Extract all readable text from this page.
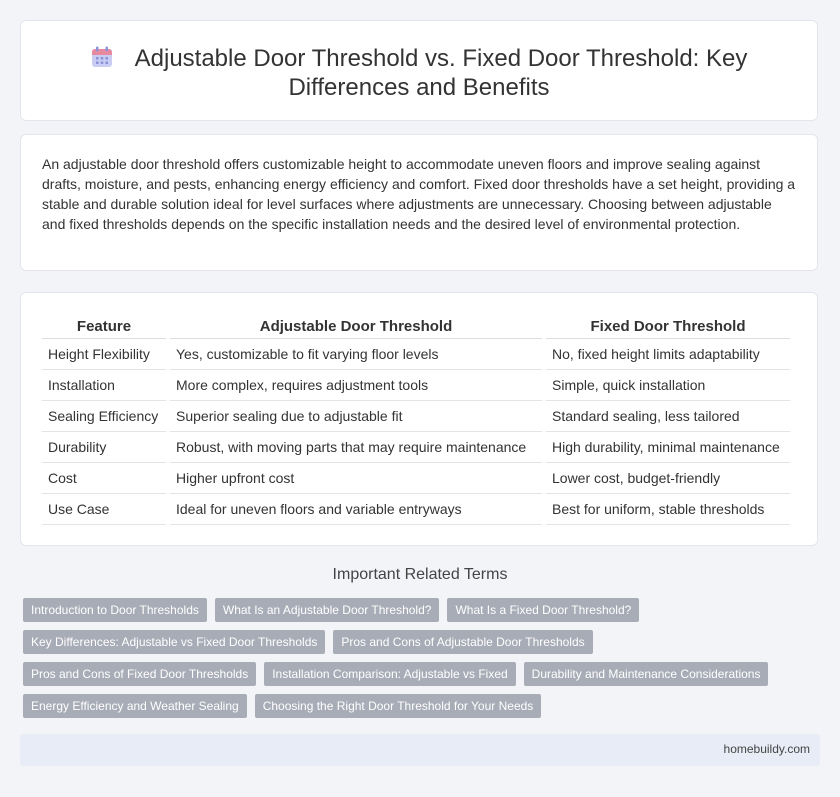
Adjustable Door Threshold vs. Fixed Door Threshold: Key Differences and Benefits
An adjustable door threshold offers customizable height to accommodate uneven floors and improve sealing against drafts, moisture, and pests, enhancing energy efficiency and comfort. Fixed door thresholds have a set height, providing a stable and durable solution ideal for level surfaces where adjustments are unnecessary. Choosing between adjustable and fixed thresholds depends on the specific installation needs and the desired level of environmental protection.
Feature	Adjustable Door Threshold	Fixed Door Threshold
Height Flexibility	Yes, customizable to fit varying floor levels	No, fixed height limits adaptability
Installation	More complex, requires adjustment tools	Simple, quick installation
Sealing Efficiency	Superior sealing due to adjustable fit	Standard sealing, less tailored
Durability	Robust, with moving parts that may require maintenance	High durability, minimal maintenance
Cost	Higher upfront cost	Lower cost, budget-friendly
Use Case	Ideal for uneven floors and variable entryways	Best for uniform, stable thresholds
Important Related Terms
Introduction to Door Thresholds	What Is an Adjustable Door Threshold?	What Is a Fixed Door Threshold?
Key Differences: Adjustable vs Fixed Door Thresholds	Pros and Cons of Adjustable Door Thresholds
Pros and Cons of Fixed Door Thresholds	Installation Comparison: Adjustable vs Fixed	Durability and Maintenance Considerations
Energy Efficiency and Weather Sealing	Choosing the Right Door Threshold for Your Needs
homebuildy.com
